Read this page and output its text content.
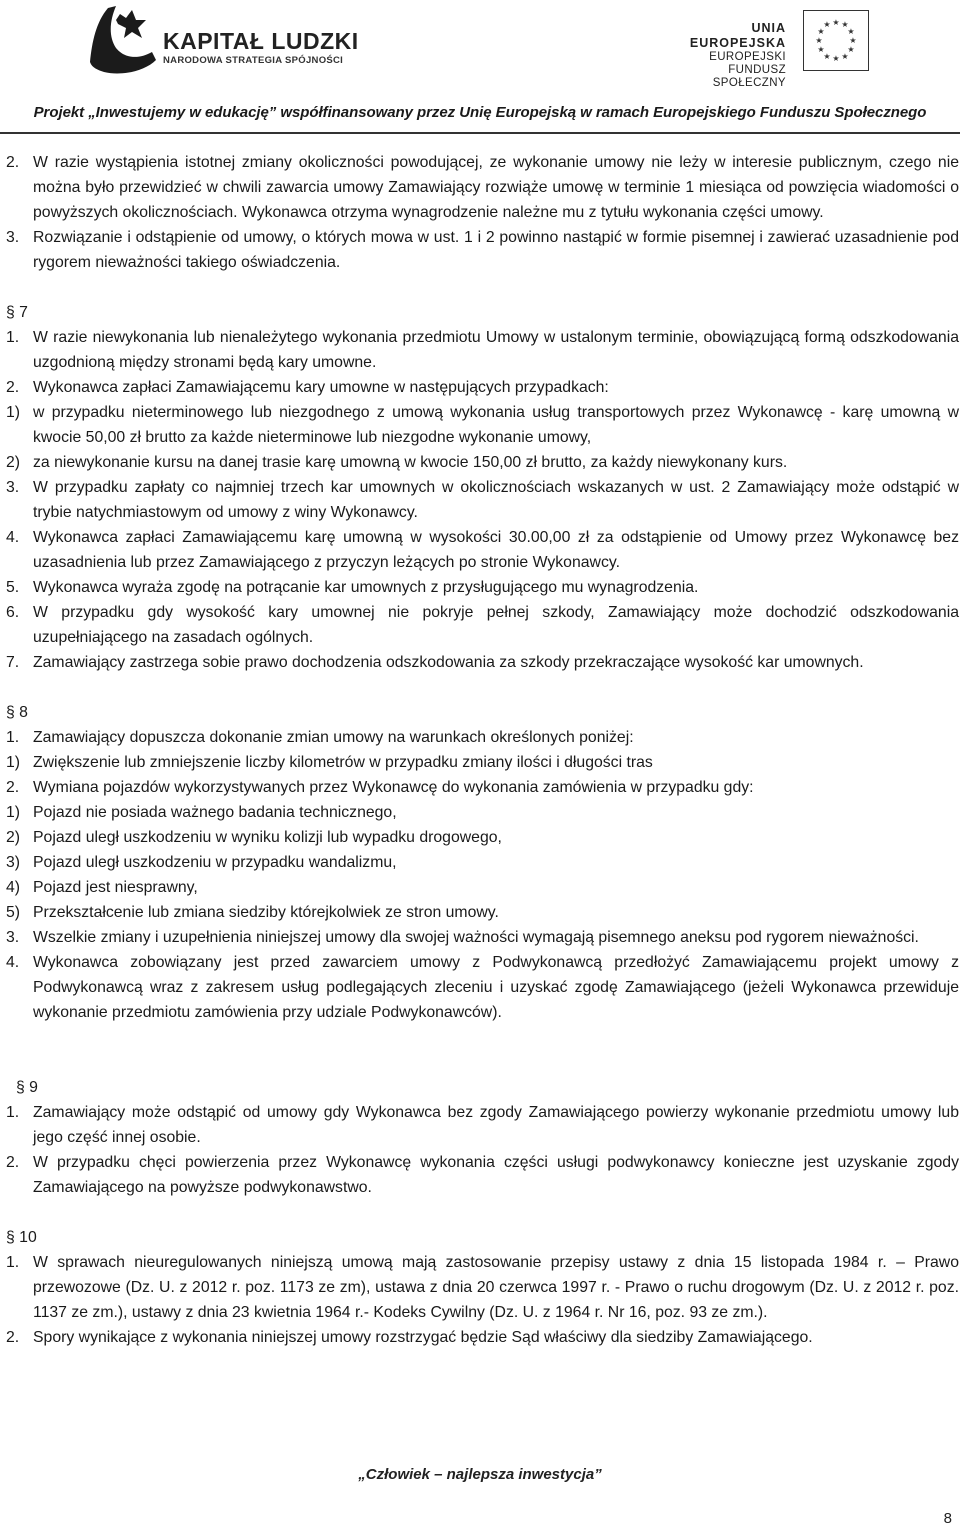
KAPITAŁ LUDZKI
NARODOWA STRATEGIA SPÓJNOŚCI
UNIA EUROPEJSKA
EUROPEJSKI
FUNDUSZ SPOŁECZNY
★ ★
★
★
★
★
★
★
★
★
★
★
Projekt „Inwestujemy w edukację” współfinansowany przez Unię Europejską w ramach Europejskiego Funduszu Społecznego
2. W razie wystąpienia istotnej zmiany okoliczności powodującej, ze wykonanie umowy nie leży w interesie publicznym, czego nie można było przewidzieć w chwili zawarcia umowy Zamawiający rozwiąże umowę w terminie 1 miesiąca od powzięcia wiadomości o powyższych okolicznościach. Wykonawca otrzyma wynagrodzenie należne mu z tytułu wykonania części umowy.
3. Rozwiązanie i odstąpienie od umowy, o których mowa w ust. 1 i 2 powinno nastąpić w formie pisemnej i zawierać uzasadnienie pod rygorem nieważności takiego oświadczenia.
§ 7
1. W razie niewykonania lub nienależytego wykonania przedmiotu Umowy w ustalonym terminie, obowiązującą formą odszkodowania uzgodnioną między stronami będą kary umowne.
2. Wykonawca zapłaci Zamawiającemu kary umowne w następujących przypadkach:
1) w przypadku nieterminowego lub niezgodnego z umową wykonania usług transportowych przez Wykonawcę - karę umowną w kwocie 50,00 zł brutto za każde nieterminowe lub niezgodne wykonanie umowy,
2) za niewykonanie kursu na danej trasie karę umowną w kwocie 150,00 zł brutto, za każdy niewykonany kurs.
3. W przypadku zapłaty co najmniej trzech kar umownych w okolicznościach wskazanych w ust. 2 Zamawiający może odstąpić w trybie natychmiastowym od umowy z winy Wykonawcy.
4. Wykonawca zapłaci Zamawiającemu karę umowną w wysokości 30.00,00 zł za odstąpienie od Umowy przez Wykonawcę bez uzasadnienia lub przez Zamawiającego z przyczyn leżących po stronie Wykonawcy.
5. Wykonawca wyraża zgodę na potrącanie kar umownych z przysługującego mu wynagrodzenia.
6. W przypadku gdy wysokość kary umownej nie pokryje pełnej szkody, Zamawiający może dochodzić odszkodowania uzupełniającego na zasadach ogólnych.
7. Zamawiający zastrzega sobie prawo dochodzenia odszkodowania za szkody przekraczające wysokość kar umownych.
§ 8
1. Zamawiający dopuszcza dokonanie zmian umowy na warunkach określonych poniżej:
1) Zwiększenie lub zmniejszenie liczby kilometrów w przypadku zmiany ilości i długości tras
2. Wymiana pojazdów wykorzystywanych przez Wykonawcę do wykonania zamówienia w przypadku gdy:
1) Pojazd nie posiada ważnego badania technicznego,
2) Pojazd uległ uszkodzeniu w wyniku kolizji lub wypadku drogowego,
3) Pojazd uległ uszkodzeniu w przypadku wandalizmu,
4) Pojazd jest niesprawny,
5) Przekształcenie lub zmiana siedziby którejkolwiek ze stron umowy.
3. Wszelkie zmiany i uzupełnienia niniejszej umowy dla swojej ważności wymagają pisemnego aneksu pod rygorem nieważności.
4. Wykonawca zobowiązany jest przed zawarciem umowy z Podwykonawcą przedłożyć Zamawiającemu projekt umowy z Podwykonawcą wraz z zakresem usług podlegających zleceniu i uzyskać zgodę Zamawiającego (jeżeli Wykonawca przewiduje wykonanie przedmiotu zamówienia przy udziale Podwykonawców).
§ 9
1. Zamawiający może odstąpić od umowy gdy Wykonawca bez zgody Zamawiającego powierzy wykonanie przedmiotu umowy lub jego część innej osobie.
2. W przypadku chęci powierzenia przez Wykonawcę wykonania części usługi podwykonawcy konieczne jest uzyskanie zgody Zamawiającego na powyższe podwykonawstwo.
§ 10
1. W sprawach nieuregulowanych niniejszą umową mają zastosowanie przepisy ustawy z dnia 15 listopada 1984 r. – Prawo przewozowe (Dz. U. z 2012 r. poz. 1173 ze zm), ustawa z dnia 20 czerwca 1997 r. - Prawo o ruchu drogowym (Dz. U. z 2012 r. poz. 1137 ze zm.), ustawy z dnia 23 kwietnia 1964 r.- Kodeks Cywilny (Dz. U. z 1964 r. Nr 16, poz. 93 ze zm.).
2. Spory wynikające z wykonania niniejszej umowy rozstrzygać będzie Sąd właściwy dla siedziby Zamawiającego.
„Człowiek – najlepsza inwestycja”
8
